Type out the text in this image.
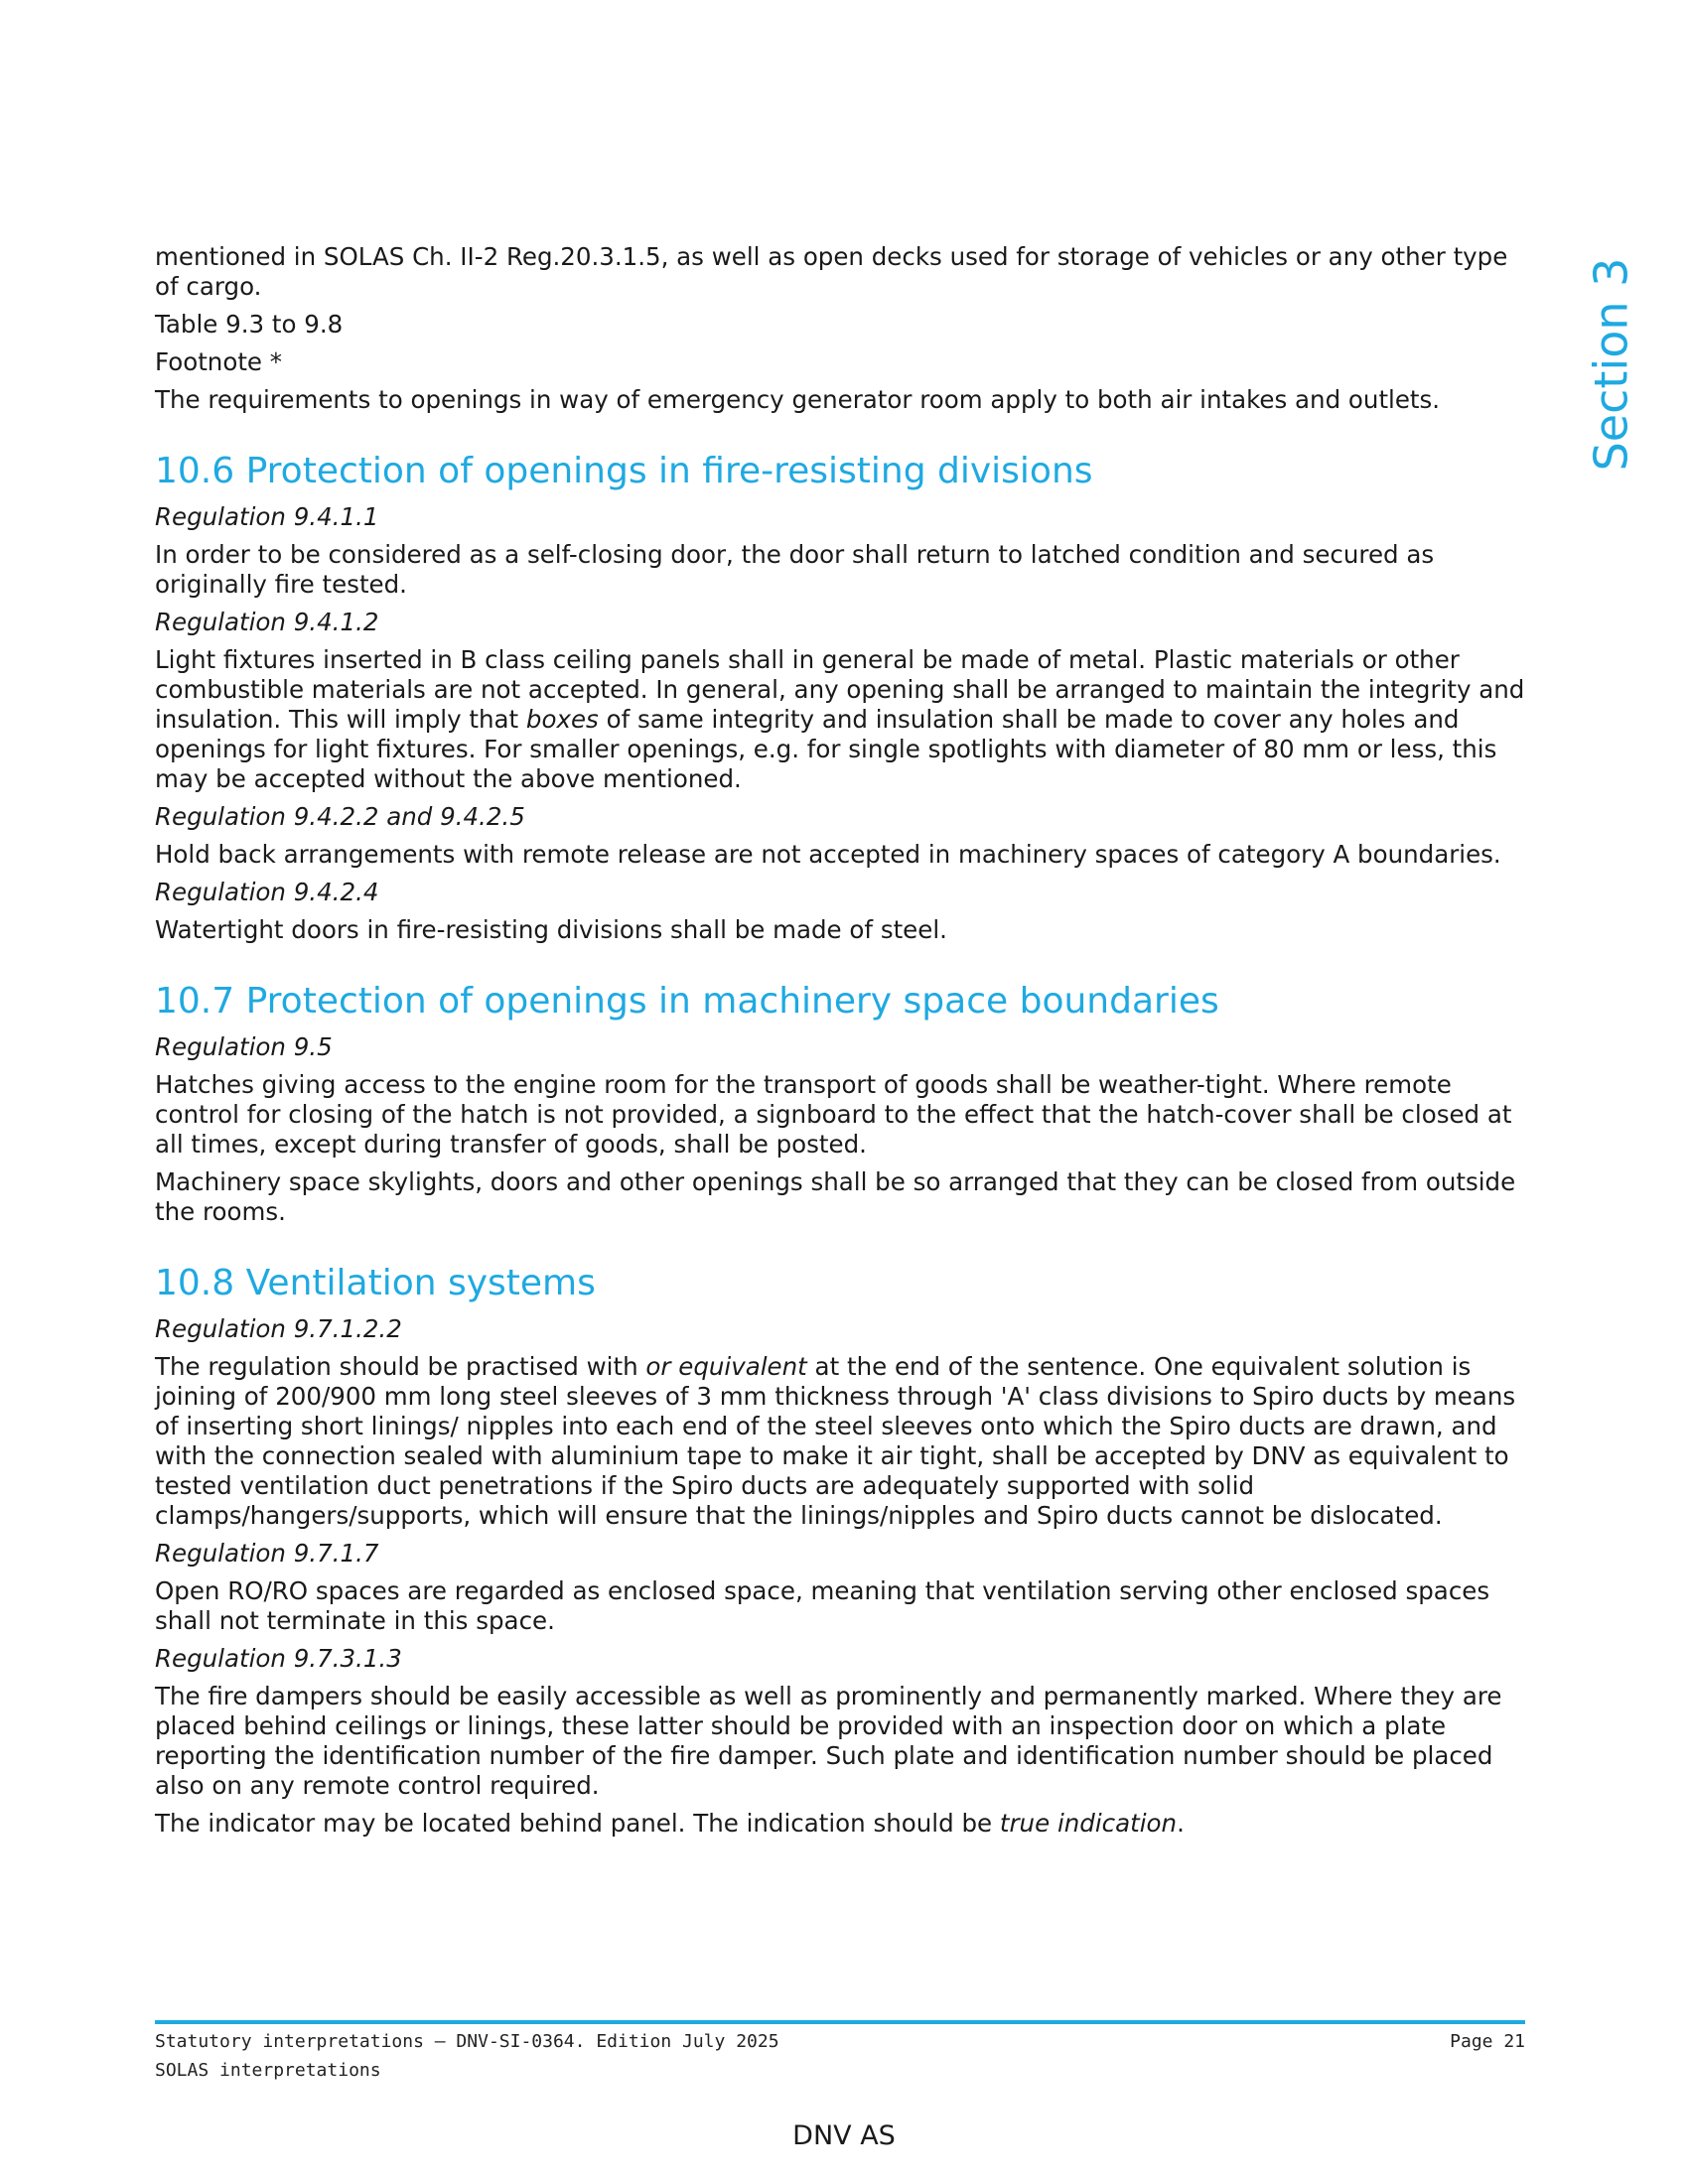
Section 3

mentioned in SOLAS Ch. II-2 Reg.20.3.1.5, as well as open decks used for storage of vehicles or any other type of cargo.

Table 9.3 to 9.8

Footnote *

The requirements to openings in way of emergency generator room apply to both air intakes and outlets.

10.6 Protection of openings in fire-resisting divisions

Regulation 9.4.1.1

In order to be considered as a self-closing door, the door shall return to latched condition and secured as originally fire tested.

Regulation 9.4.1.2

Light fixtures inserted in B class ceiling panels shall in general be made of metal. Plastic materials or other combustible materials are not accepted. In general, any opening shall be arranged to maintain the integrity and insulation. This will imply that boxes of same integrity and insulation shall be made to cover any holes and openings for light fixtures. For smaller openings, e.g. for single spotlights with diameter of 80 mm or less, this may be accepted without the above mentioned.

Regulation 9.4.2.2 and 9.4.2.5

Hold back arrangements with remote release are not accepted in machinery spaces of category A boundaries.

Regulation 9.4.2.4

Watertight doors in fire-resisting divisions shall be made of steel.

10.7 Protection of openings in machinery space boundaries

Regulation 9.5

Hatches giving access to the engine room for the transport of goods shall be weather-tight. Where remote control for closing of the hatch is not provided, a signboard to the effect that the hatch-cover shall be closed at all times, except during transfer of goods, shall be posted.

Machinery space skylights, doors and other openings shall be so arranged that they can be closed from outside the rooms.

10.8 Ventilation systems

Regulation 9.7.1.2.2

The regulation should be practised with or equivalent at the end of the sentence. One equivalent solution is joining of 200/900 mm long steel sleeves of 3 mm thickness through 'A' class divisions to Spiro ducts by means of inserting short linings/ nipples into each end of the steel sleeves onto which the Spiro ducts are drawn, and with the connection sealed with aluminium tape to make it air tight, shall be accepted by DNV as equivalent to tested ventilation duct penetrations if the Spiro ducts are adequately supported with solid clamps/hangers/supports, which will ensure that the linings/nipples and Spiro ducts cannot be dislocated.

Regulation 9.7.1.7

Open RO/RO spaces are regarded as enclosed space, meaning that ventilation serving other enclosed spaces shall not terminate in this space.

Regulation 9.7.3.1.3

The fire dampers should be easily accessible as well as prominently and permanently marked. Where they are placed behind ceilings or linings, these latter should be provided with an inspection door on which a plate reporting the identification number of the fire damper. Such plate and identification number should be placed also on any remote control required.

The indicator may be located behind panel. The indication should be true indication.

Statutory interpretations — DNV-SI-0364. Edition July 2025
SOLAS interpretations
Page 21
DNV AS
